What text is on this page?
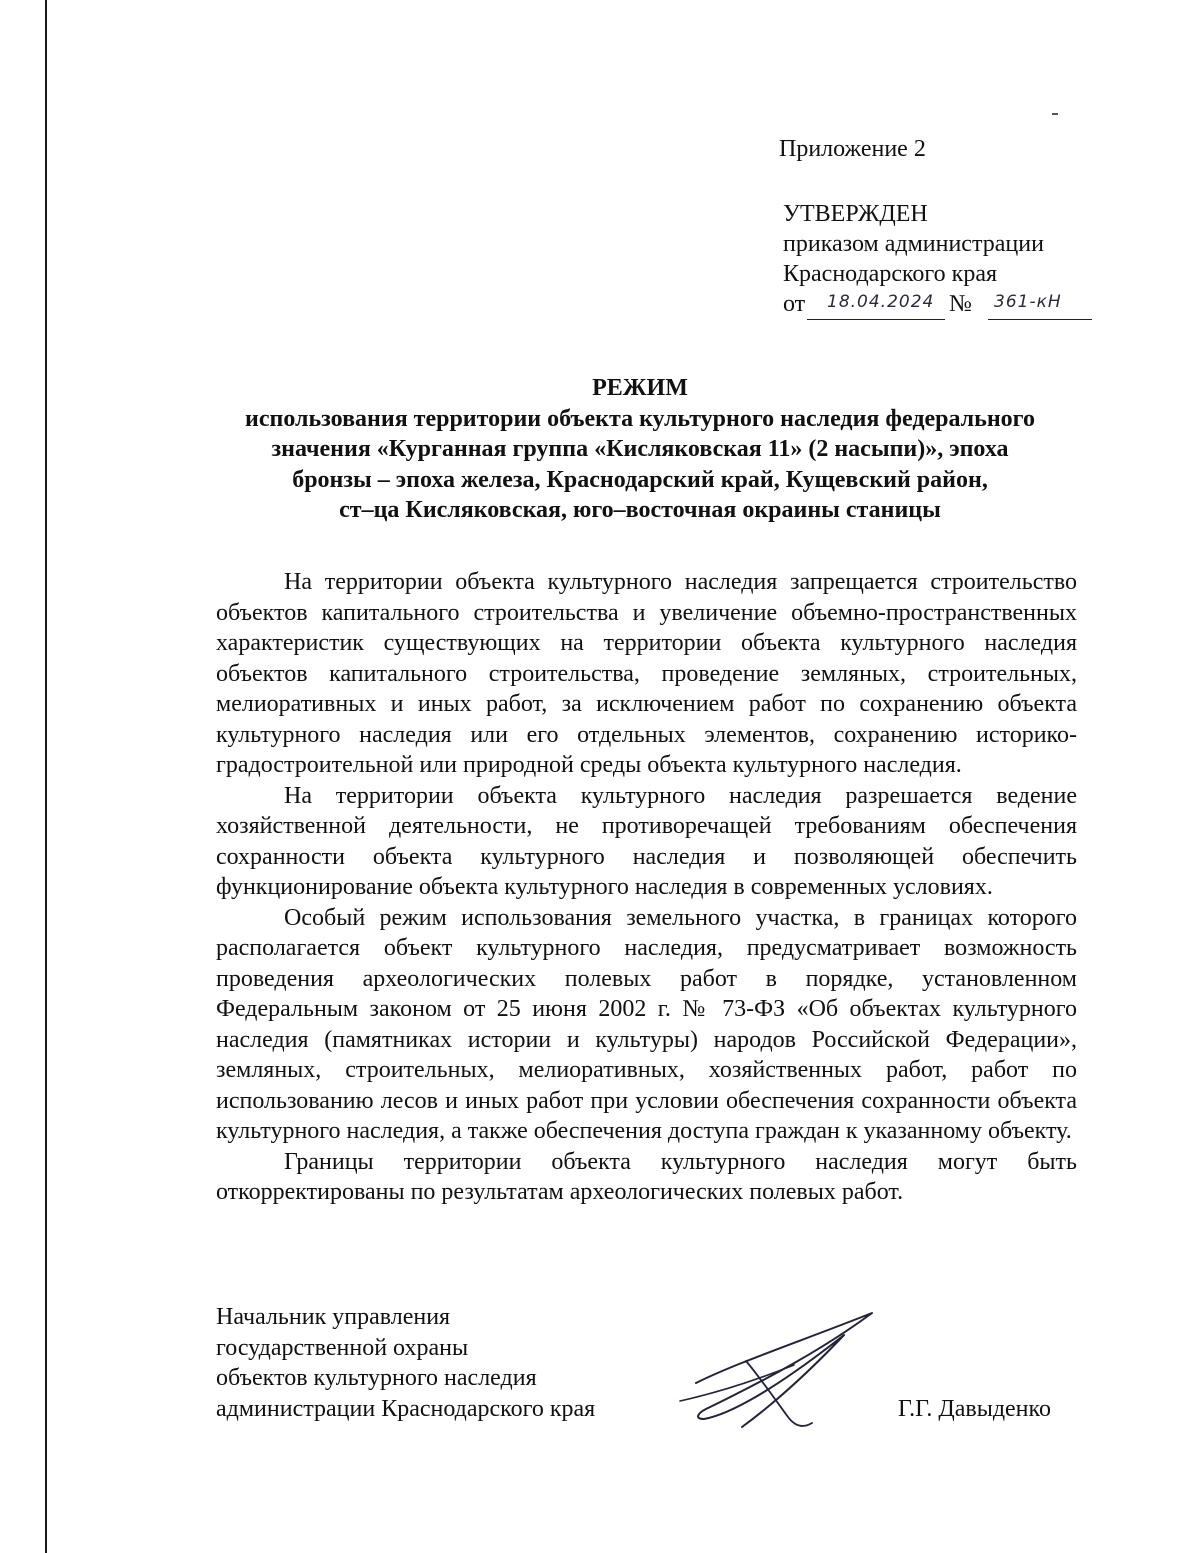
Приложение 2
УТВЕРЖДЕН
приказом администрации
Краснодарского края
от 18.04.2024 № 361-кН
РЕЖИМ
использования территории объекта культурного наследия федерального
значения «Курганная группа «Кисляковская 11» (2 насыпи)», эпоха
бронзы – эпоха железа, Краснодарский край, Кущевский район,
ст–ца Кисляковская, юго–восточная окраины станицы

На территории объекта культурного наследия запрещается строительство объектов капитального строительства и увеличение объемно-пространственных характеристик существующих на территории объекта культурного наследия объектов капитального строительства, проведение земляных, строительных, мелиоративных и иных работ, за исключением работ по сохранению объекта культурного наследия или его отдельных элементов, сохранению историко-градостроительной или природной среды объекта культурного наследия.

На территории объекта культурного наследия разрешается ведение хозяйственной деятельности, не противоречащей требованиям обеспечения сохранности объекта культурного наследия и позволяющей обеспечить функционирование объекта культурного наследия в современных условиях.

Особый режим использования земельного участка, в границах которого располагается объект культурного наследия, предусматривает возможность проведения археологических полевых работ в порядке, установленном Федеральным законом от 25 июня 2002 г. № 73-ФЗ «Об объектах культурного наследия (памятниках истории и культуры) народов Российской Федерации», земляных, строительных, мелиоративных, хозяйственных работ, работ по использованию лесов и иных работ при условии обеспечения сохранности объекта культурного наследия, а также обеспечения доступа граждан к указанному объекту.

Границы территории объекта культурного наследия могут быть откорректированы по результатам археологических полевых работ.

Начальник управления
государственной охраны
объектов культурного наследия
администрации Краснодарского края	Г.Г. Давыденко
